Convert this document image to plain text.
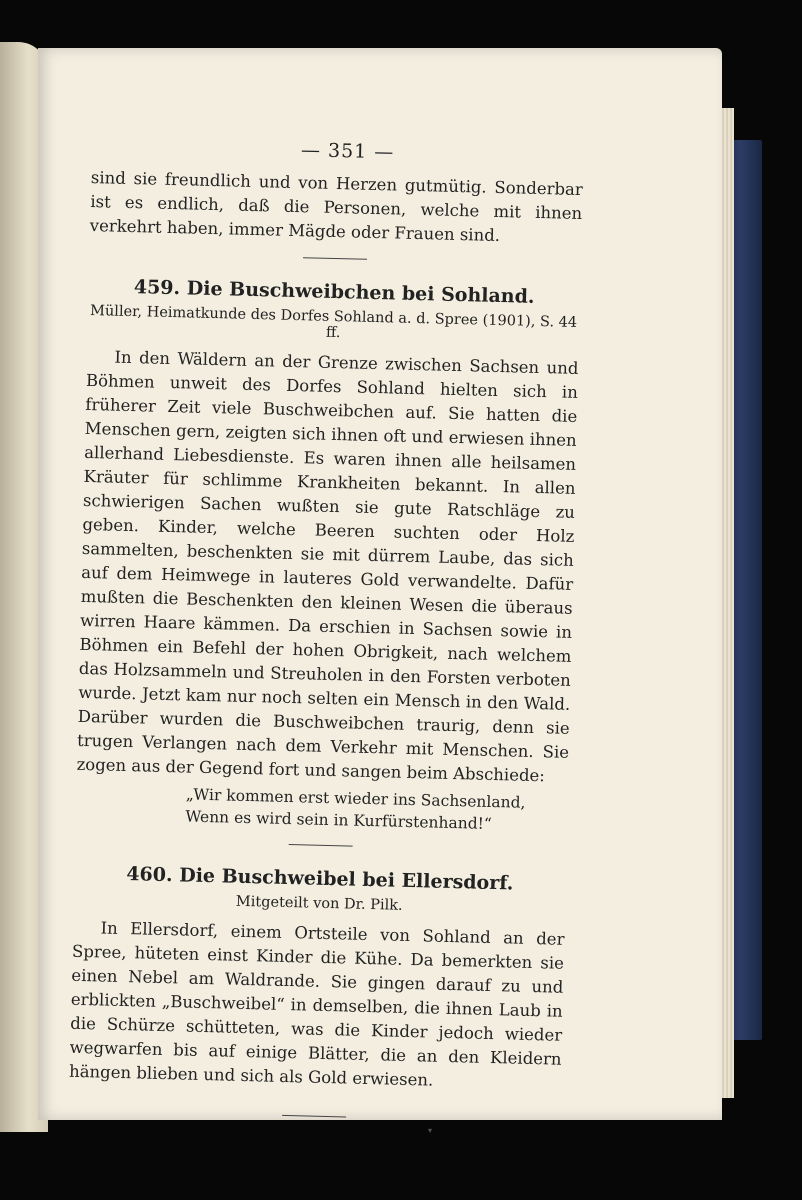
▾
— 351 —

sind sie freundlich und von Herzen gutmütig. Sonderbar ist es endlich, daß die Personen, welche mit ihnen verkehrt haben, immer Mägde oder Frauen sind.

459. Die Buschweibchen bei Sohland.
Müller, Heimatkunde des Dorfes Sohland a. d. Spree (1901), S. 44 ff.

In den Wäldern an der Grenze zwischen Sachsen und Böhmen unweit des Dorfes Sohland hielten sich in früherer Zeit viele Buschweibchen auf. Sie hatten die Menschen gern, zeigten sich ihnen oft und erwiesen ihnen allerhand Liebesdienste. Es waren ihnen alle heilsamen Kräuter für schlimme Krankheiten bekannt. In allen schwierigen Sachen wußten sie gute Ratschläge zu geben. Kinder, welche Beeren suchten oder Holz sammelten, beschenkten sie mit dürrem Laube, das sich auf dem Heimwege in lauteres Gold verwandelte. Dafür mußten die Beschenkten den kleinen Wesen die überaus wirren Haare kämmen. Da erschien in Sachsen sowie in Böhmen ein Befehl der hohen Obrigkeit, nach welchem das Holzsammeln und Streuholen in den Forsten verboten wurde. Jetzt kam nur noch selten ein Mensch in den Wald. Darüber wurden die Buschweibchen traurig, denn sie trugen Verlangen nach dem Verkehr mit Menschen. Sie zogen aus der Gegend fort und sangen beim Abschiede:

„Wir kommen erst wieder ins Sachsenland,
Wenn es wird sein in Kurfürstenhand!“
460. Die Buschweibel bei Ellersdorf.
Mitgeteilt von Dr. Pilk.

In Ellersdorf, einem Ortsteile von Sohland an der Spree, hüteten einst Kinder die Kühe. Da bemerkten sie einen Nebel am Waldrande. Sie gingen darauf zu und erblickten „Buschweibel“ in demselben, die ihnen Laub in die Schürze schütteten, was die Kinder jedoch wieder wegwarfen bis auf einige Blätter, die an den Kleidern hängen blieben und sich als Gold erwiesen.
